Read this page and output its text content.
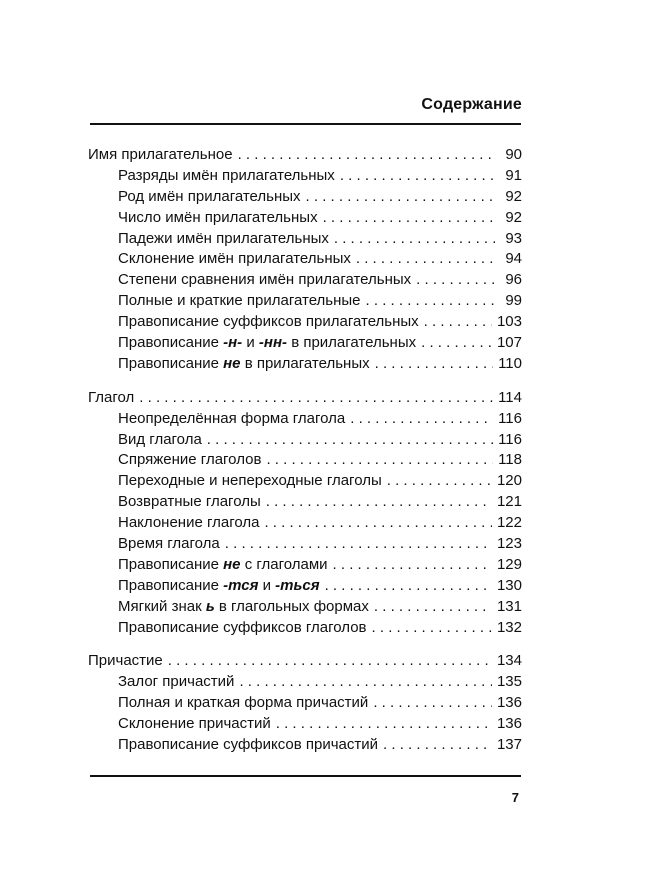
Содержание
Имя прилагательное . . .	90
Разряды имён прилагательных . . .	91
Род имён прилагательных . . .	92
Число имён прилагательных . . .	92
Падежи имён прилагательных . . .	93
Склонение имён прилагательных . . .	94
Степени сравнения имён прилагательных . . .	96
Полные и краткие прилагательные . . .	99
Правописание суффиксов прилагательных . . .	103
Правописание -н- и -нн- в прилагательных . . .	107
Правописание не в прилагательных . . .	110
Глагол . . .	114
Неопределённая форма глагола . . .	116
Вид глагола . . .	116
Спряжение глаголов . . .	118
Переходные и непереходные глаголы . . .	120
Возвратные глаголы . . .	121
Наклонение глагола . . .	122
Время глагола . . .	123
Правописание не с глаголами . . .	129
Правописание -тся и -ться . . .	130
Мягкий знак ь в глагольных формах . . .	131
Правописание суффиксов глаголов . . .	132
Причастие . . .	134
Залог причастий . . .	135
Полная и краткая форма причастий . . .	136
Склонение причастий . . .	136
Правописание суффиксов причастий . . .	137
7
